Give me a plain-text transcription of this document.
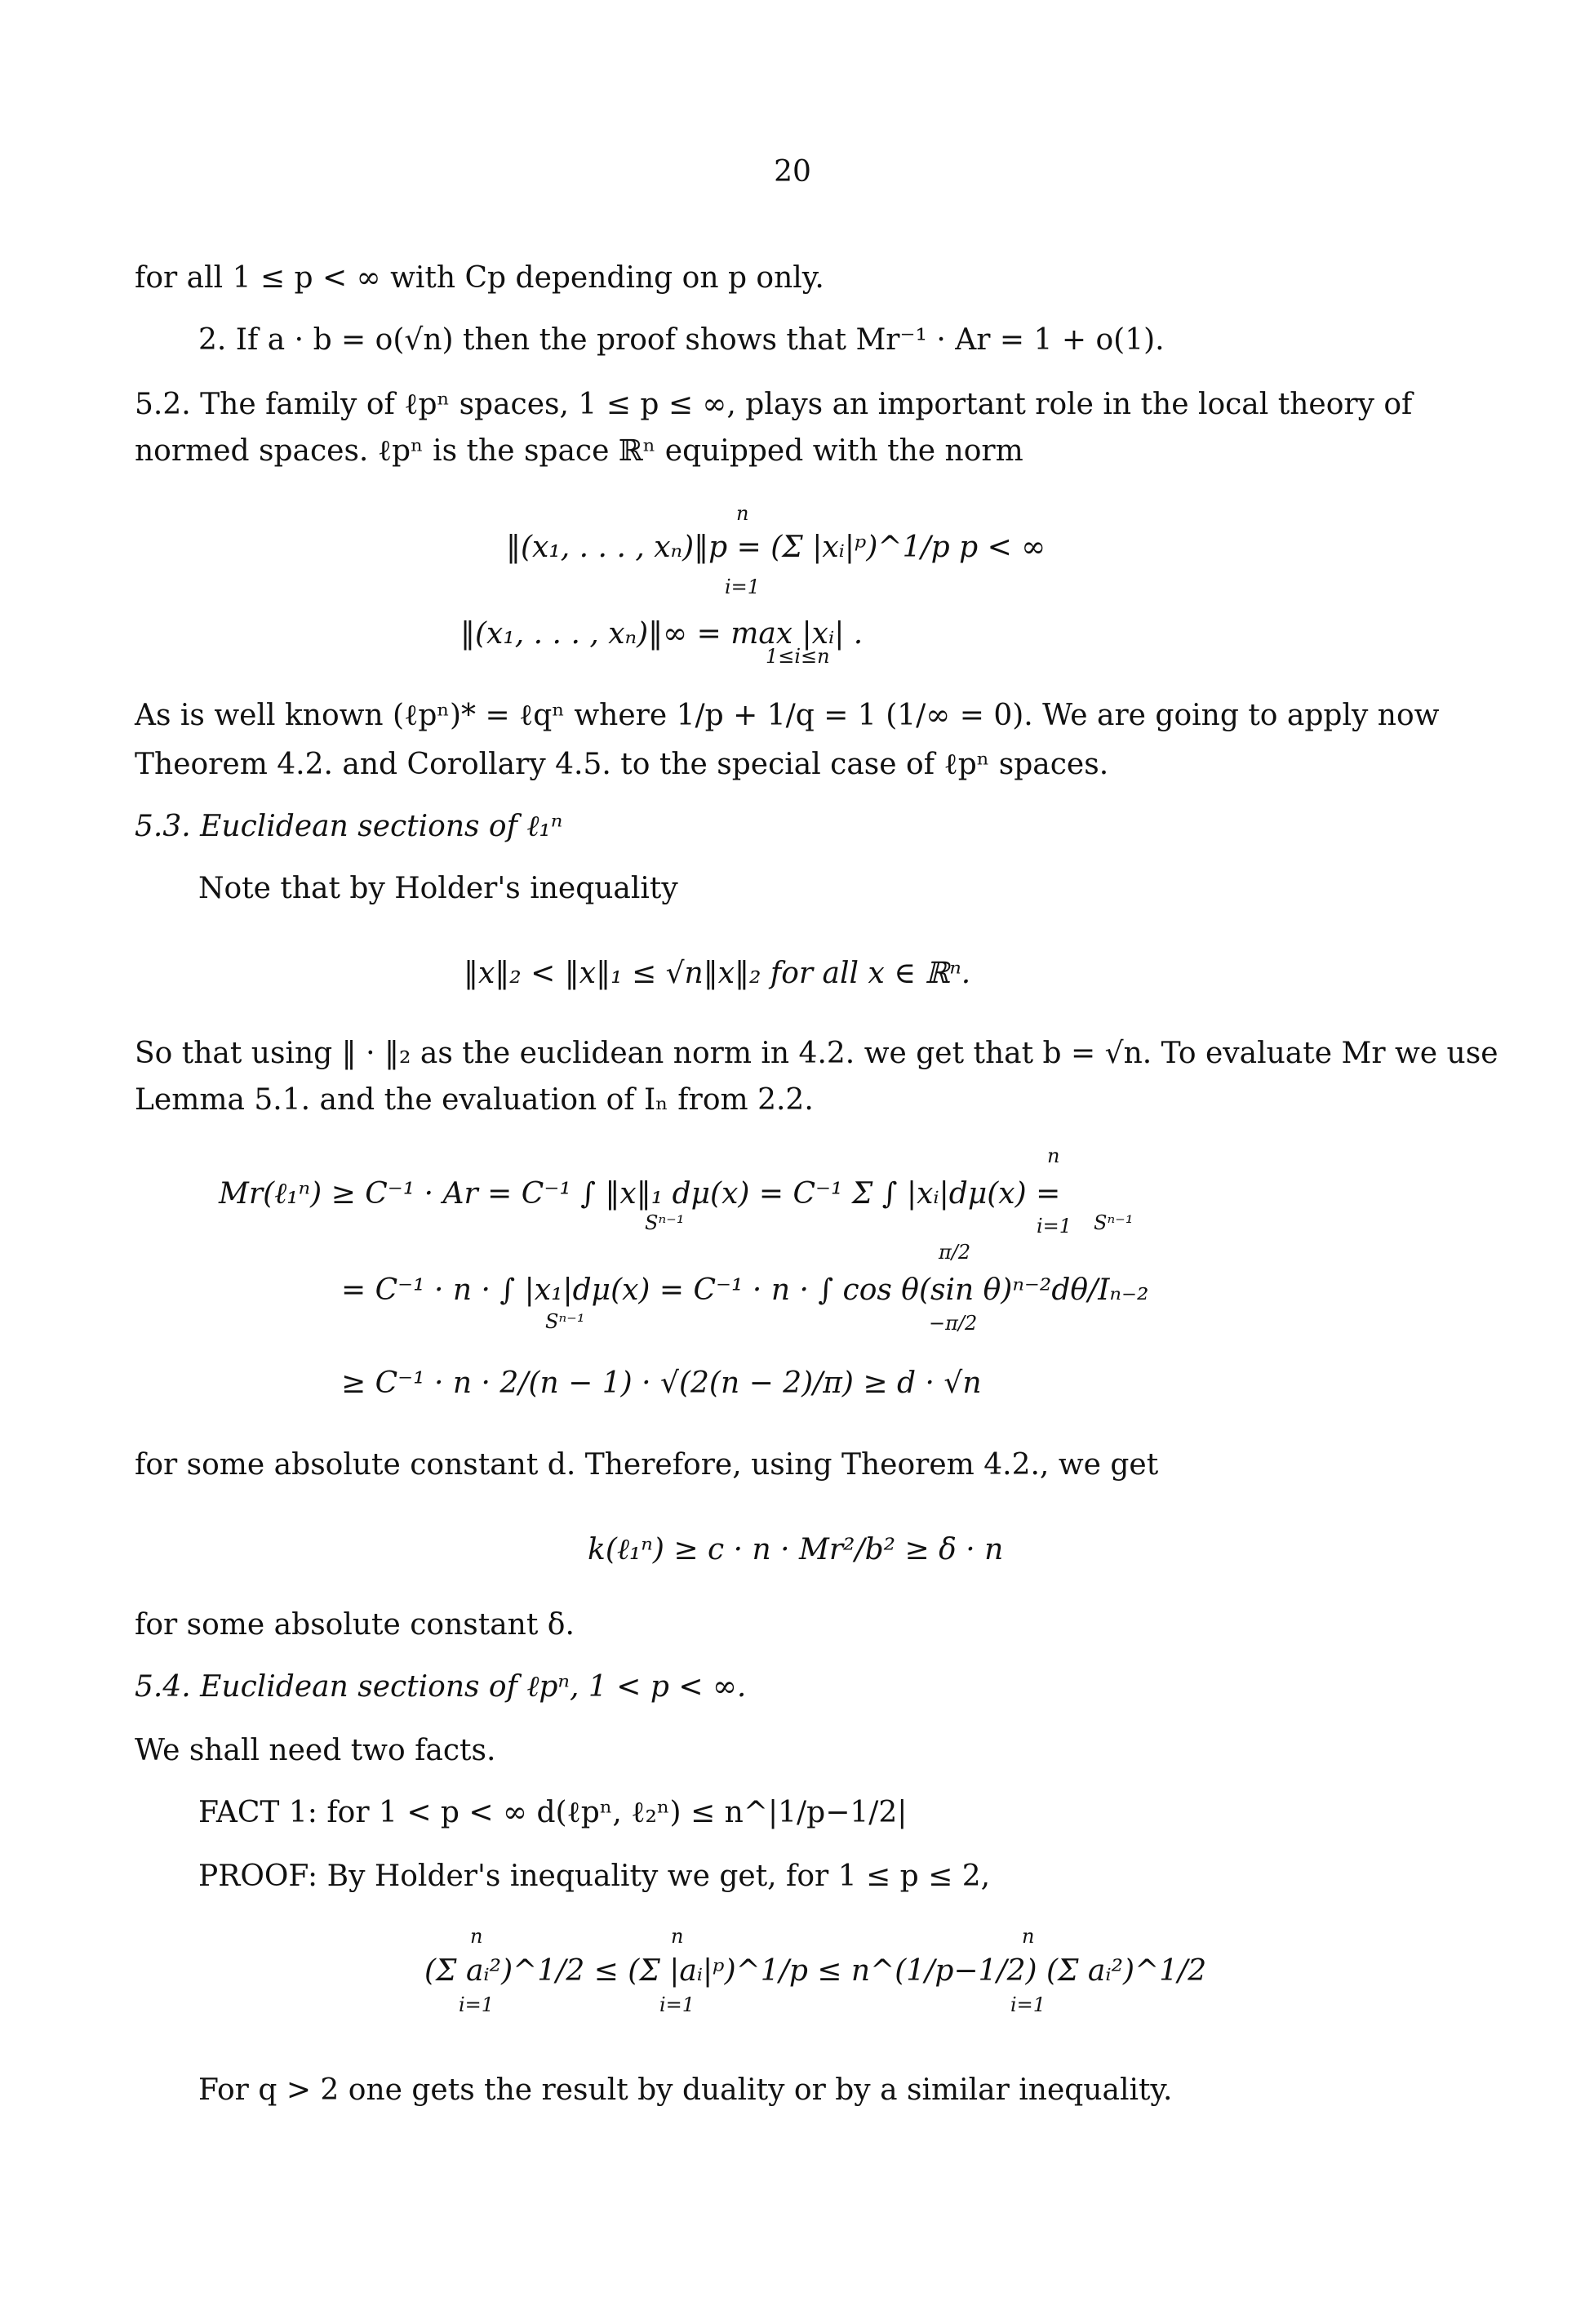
20
for all 1 ≤ p < ∞ with Cp depending on p only.
2. If a · b = o(√n) then the proof shows that Mr⁻¹ · Ar = 1 + o(1).
5.2. The family of ℓpⁿ spaces, 1 ≤ p ≤ ∞, plays an important role in the local theory of
normed spaces. ℓpⁿ is the space ℝⁿ equipped with the norm
‖(x₁, . . . , xₙ)‖p = (Σ |xᵢ|ᵖ)^1/p p < ∞
n
i=1
‖(x₁, . . . , xₙ)‖∞ = max |xᵢ| .
1≤i≤n
As is well known (ℓpⁿ)* = ℓqⁿ where 1/p + 1/q = 1 (1/∞ = 0). We are going to apply now
Theorem 4.2. and Corollary 4.5. to the special case of ℓpⁿ spaces.
5.3. Euclidean sections of ℓ₁ⁿ
Note that by Holder's inequality
‖x‖₂ < ‖x‖₁ ≤ √n‖x‖₂ for all x ∈ ℝⁿ.
So that using ‖ · ‖₂ as the euclidean norm in 4.2. we get that b = √n. To evaluate Mr we use
Lemma 5.1. and the evaluation of Iₙ from 2.2.
Mr(ℓ₁ⁿ) ≥ C⁻¹ · Ar = C⁻¹ ∫ ‖x‖₁ dμ(x) = C⁻¹ Σ ∫ |xᵢ|dμ(x) =
n
i=1
Sⁿ⁻¹	Sⁿ⁻¹
= C⁻¹ · n · ∫ |x₁|dμ(x) = C⁻¹ · n · ∫ cos θ(sin θ)ⁿ⁻²dθ/Iₙ₋₂
Sⁿ⁻¹
π/2
−π/2
≥ C⁻¹ · n · 2/(n − 1) · √(2(n − 2)/π) ≥ d · √n
for some absolute constant d. Therefore, using Theorem 4.2., we get
k(ℓ₁ⁿ) ≥ c · n · Mr²/b² ≥ δ · n
for some absolute constant δ.
5.4. Euclidean sections of ℓpⁿ, 1 < p < ∞.
We shall need two facts.
FACT 1: for 1 < p < ∞ d(ℓpⁿ, ℓ₂ⁿ) ≤ n^|1/p−1/2|
PROOF: By Holder's inequality we get, for 1 ≤ p ≤ 2,
(Σ aᵢ²)^1/2 ≤ (Σ |aᵢ|ᵖ)^1/p ≤ n^(1/p−1/2) (Σ aᵢ²)^1/2
n
i=1
n
i=1
n
i=1
For q > 2 one gets the result by duality or by a similar inequality.
